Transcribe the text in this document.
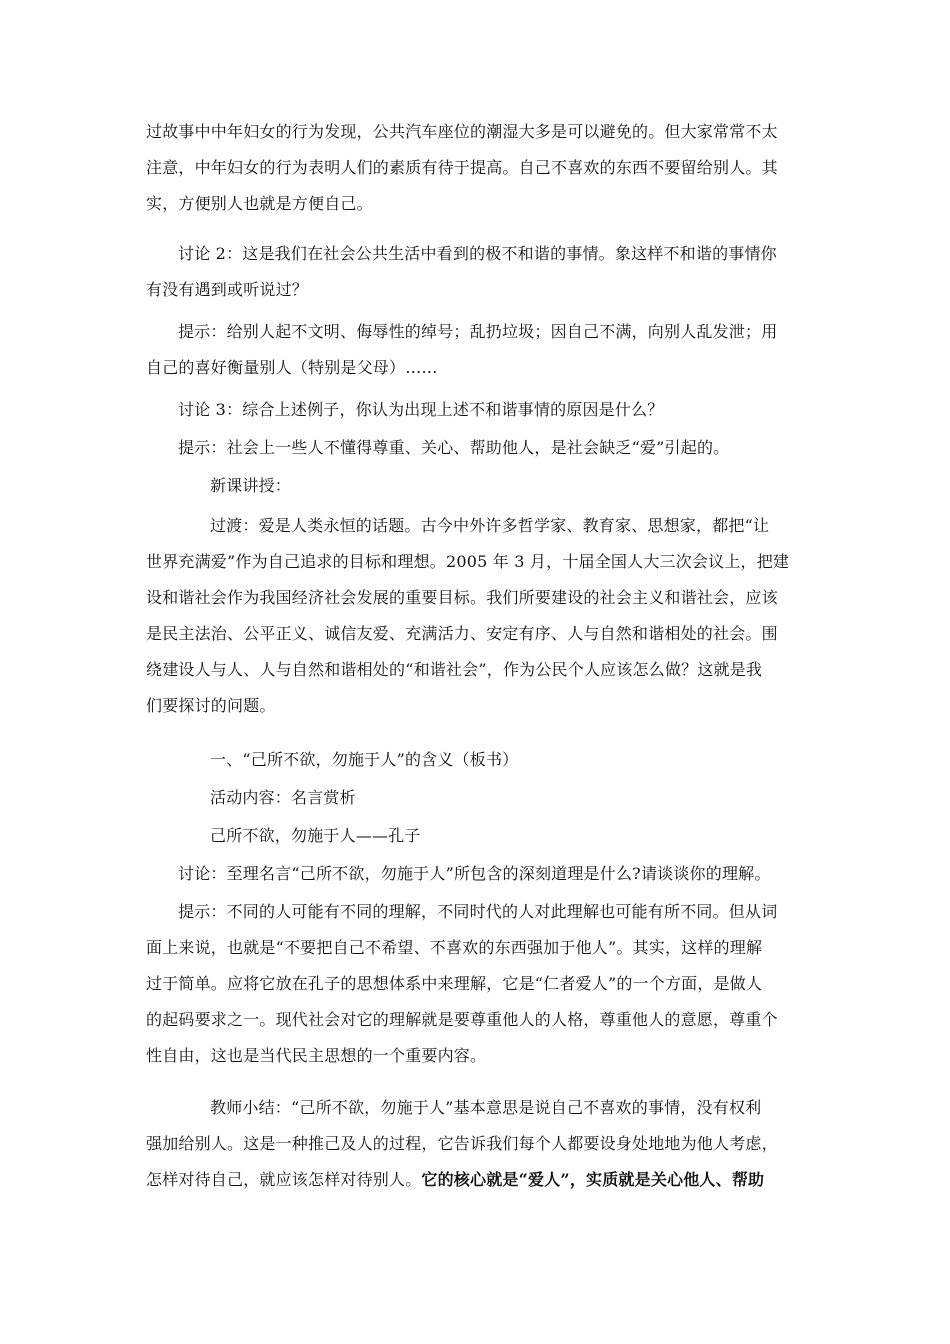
过故事中中年妇女的行为发现，公共汽车座位的潮湿大多是可以避免的。但大家常常不太
注意，中年妇女的行为表明人们的素质有待于提高。自己不喜欢的东西不要留给别人。其
实，方便别人也就是方便自己。

讨论 2：这是我们在社会公共生活中看到的极不和谐的事情。象这样不和谐的事情你
有没有遇到或听说过？

提示：给别人起不文明、侮辱性的绰号；乱扔垃圾；因自己不满，向别人乱发泄；用
自己的喜好衡量别人（特别是父母）……

讨论 3：综合上述例子，你认为出现上述不和谐事情的原因是什么？

提示：社会上一些人不懂得尊重、关心、帮助他人，是社会缺乏“爱”引起的。

新课讲授：

过渡：爱是人类永恒的话题。古今中外许多哲学家、教育家、思想家，都把“让
世界充满爱”作为自己追求的目标和理想。2005 年 3 月，十届全国人大三次会议上，把建
设和谐社会作为我国经济社会发展的重要目标。我们所要建设的社会主义和谐社会，应该
是民主法治、公平正义、诚信友爱、充满活力、安定有序、人与自然和谐相处的社会。围
绕建设人与人、人与自然和谐相处的“和谐社会”，作为公民个人应该怎么做？这就是我
们要探讨的问题。

一、“己所不欲，勿施于人”的含义（板书）

活动内容：名言赏析

己所不欲，勿施于人——孔子

讨论：至理名言“己所不欲，勿施于人”所包含的深刻道理是什么?请谈谈你的理解。

提示：不同的人可能有不同的理解，不同时代的人对此理解也可能有所不同。但从词
面上来说，也就是“不要把自己不希望、不喜欢的东西强加于他人”。其实，这样的理解
过于简单。应将它放在孔子的思想体系中来理解，它是“仁者爱人”的一个方面，是做人
的起码要求之一。现代社会对它的理解就是要尊重他人的人格，尊重他人的意愿，尊重个
性自由，这也是当代民主思想的一个重要内容。

教师小结：“己所不欲，勿施于人”基本意思是说自己不喜欢的事情，没有权利
强加给别人。这是一种推己及人的过程，它告诉我们每个人都要设身处地地为他人考虑，
怎样对待自己，就应该怎样对待别人。它的核心就是“爱人”，实质就是关心他人、帮助
